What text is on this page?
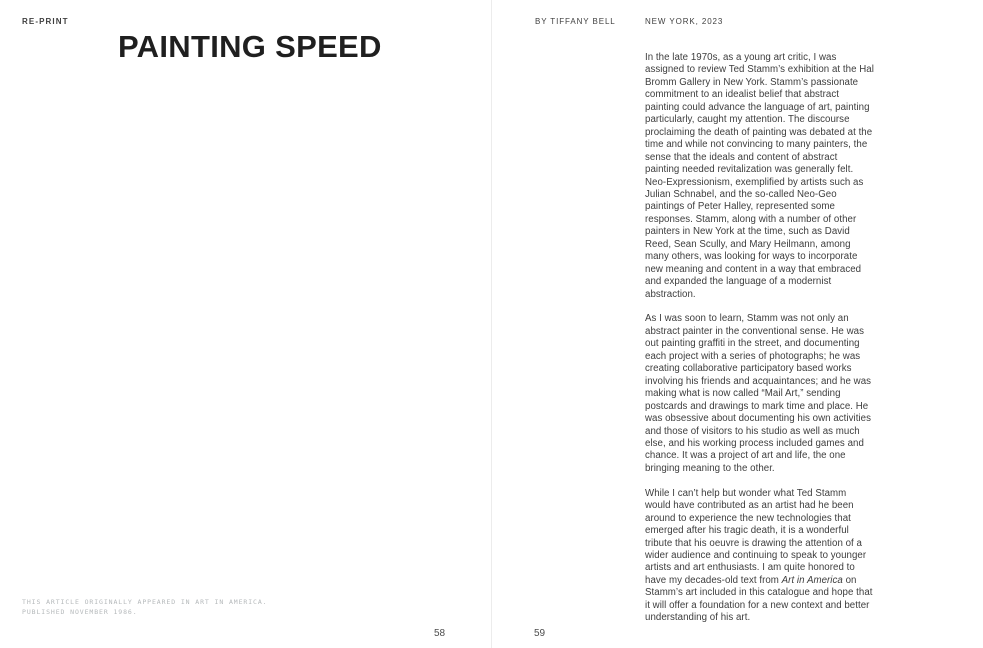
RE-PRINT
PAINTING SPEED
THIS ARTICLE ORIGINALLY APPEARED IN ART IN AMERICA.
PUBLISHED NOVEMBER 1986.
58
BY TIFFANY BELL	NEW YORK, 2023

In the late 1970s, as a young art critic, I was assigned to review Ted Stamm’s exhibition at the Hal Bromm Gallery in New York. Stamm’s passionate commitment to an idealist belief that abstract painting could advance the language of art, painting particularly, caught my attention. The discourse proclaiming the death of painting was debated at the time and while not convincing to many painters, the sense that the ideals and content of abstract painting needed revitalization was generally felt. Neo-Expressionism, exemplified by artists such as Julian Schnabel, and the so-called Neo-Geo paintings of Peter Halley, represented some responses. Stamm, along with a number of other painters in New York at the time, such as David Reed, Sean Scully, and Mary Heilmann, among many others, was looking for ways to incorporate new meaning and content in a way that embraced and expanded the language of a modernist abstraction.

As I was soon to learn, Stamm was not only an abstract painter in the conventional sense. He was out painting graffiti in the street, and documenting each project with a series of photographs; he was creating collaborative participatory based works involving his friends and acquaintances; and he was making what is now called “Mail Art,” sending postcards and drawings to mark time and place. He was obsessive about documenting his own activities and those of visitors to his studio as well as much else, and his working process included games and chance. It was a project of art and life, the one bringing meaning to the other.

While I can’t help but wonder what Ted Stamm would have contributed as an artist had he been around to experience the new technologies that emerged after his tragic death, it is a wonderful tribute that his oeuvre is drawing the attention of a wider audience and continuing to speak to younger artists and art enthusiasts. I am quite honored to have my decades-old text from Art in America on Stamm’s art included in this catalogue and hope that it will offer a foundation for a new context and better understanding of his art.

59
